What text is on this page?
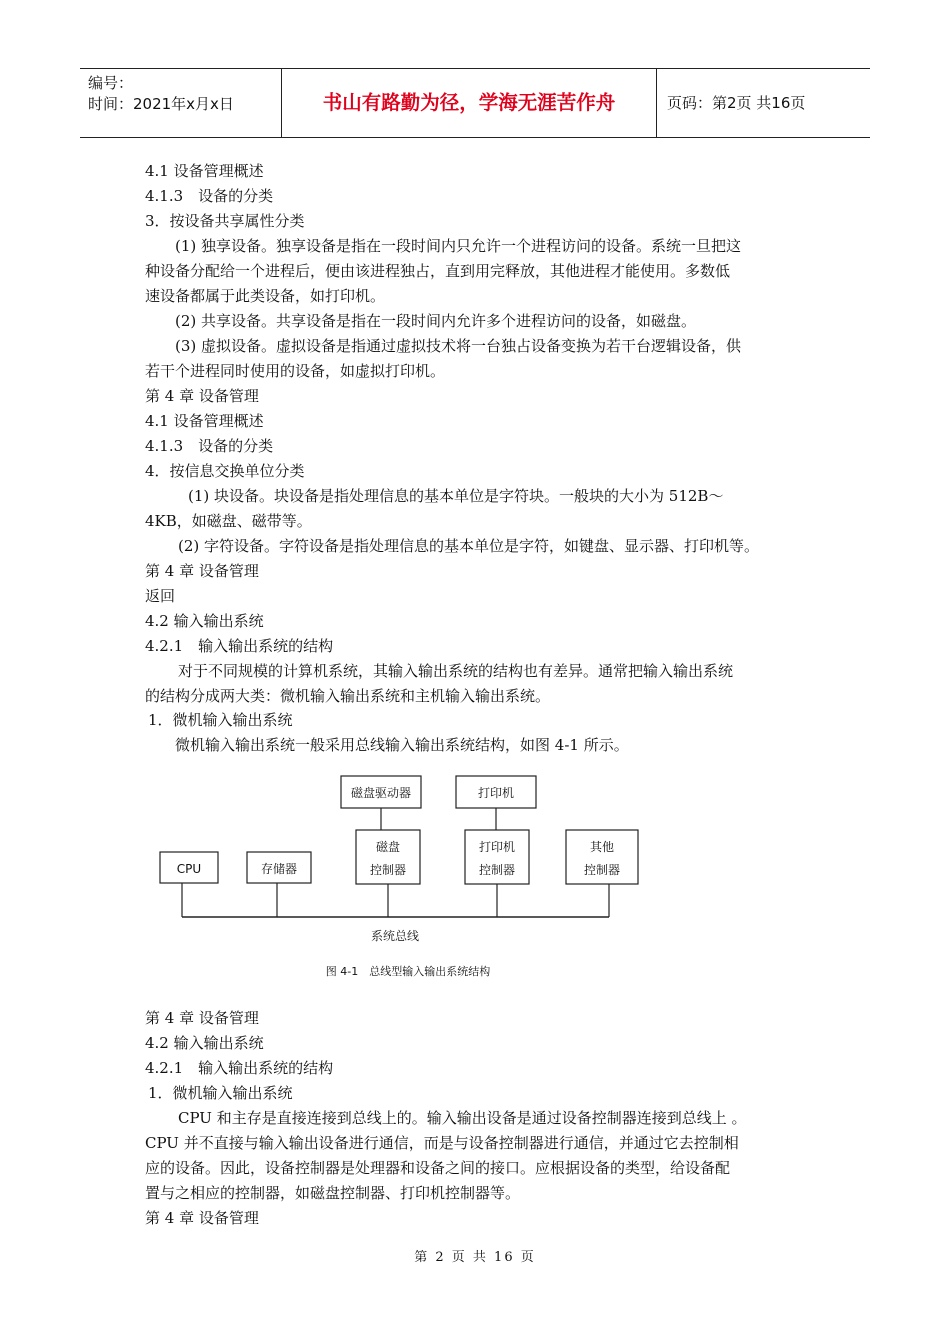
编号：
时间：2021年x月x日	书山有路勤为径，学海无涯苦作舟	页码：第2页 共16页
4.1 设备管理概述
4.1.3　设备的分类
3．按设备共享属性分类
(1) 独享设备。独享设备是指在一段时间内只允许一个进程访问的设备。系统一旦把这
种设备分配给一个进程后，便由该进程独占，直到用完释放，其他进程才能使用。多数低
速设备都属于此类设备，如打印机。
(2) 共享设备。共享设备是指在一段时间内允许多个进程访问的设备，如磁盘。
(3) 虚拟设备。虚拟设备是指通过虚拟技术将一台独占设备变换为若干台逻辑设备，供
若干个进程同时使用的设备，如虚拟打印机。
第 4 章 设备管理
4.1 设备管理概述
4.1.3　设备的分类
4．按信息交换单位分类
(1) 块设备。块设备是指处理信息的基本单位是字符块。一般块的大小为 512B～
4KB，如磁盘、磁带等。
(2) 字符设备。字符设备是指处理信息的基本单位是字符，如键盘、显示器、打印机等。
第 4 章 设备管理
返回
4.2 输入输出系统
4.2.1　输入输出系统的结构
对于不同规模的计算机系统，其输入输出系统的结构也有差异。通常把输入输出系统
的结构分成两大类：微机输入输出系统和主机输入输出系统。
1．微机输入输出系统
微机输入输出系统一般采用总线输入输出系统结构，如图 4-1 所示。
磁盘驱动器	打印机
CPU	存储器
磁盘
控制器
打印机
控制器
其他
控制器
系统总线
图 4-1　总线型输入输出系统结构
第 4 章 设备管理
4.2 输入输出系统
4.2.1　输入输出系统的结构
1．微机输入输出系统
CPU 和主存是直接连接到总线上的。输入输出设备是通过设备控制器连接到总线上 。
CPU 并不直接与输入输出设备进行通信，而是与设备控制器进行通信，并通过它去控制相
应的设备。因此，设备控制器是处理器和设备之间的接口。应根据设备的类型，给设备配
置与之相应的控制器，如磁盘控制器、打印机控制器等。
第 4 章 设备管理
第 2 页 共 16 页
